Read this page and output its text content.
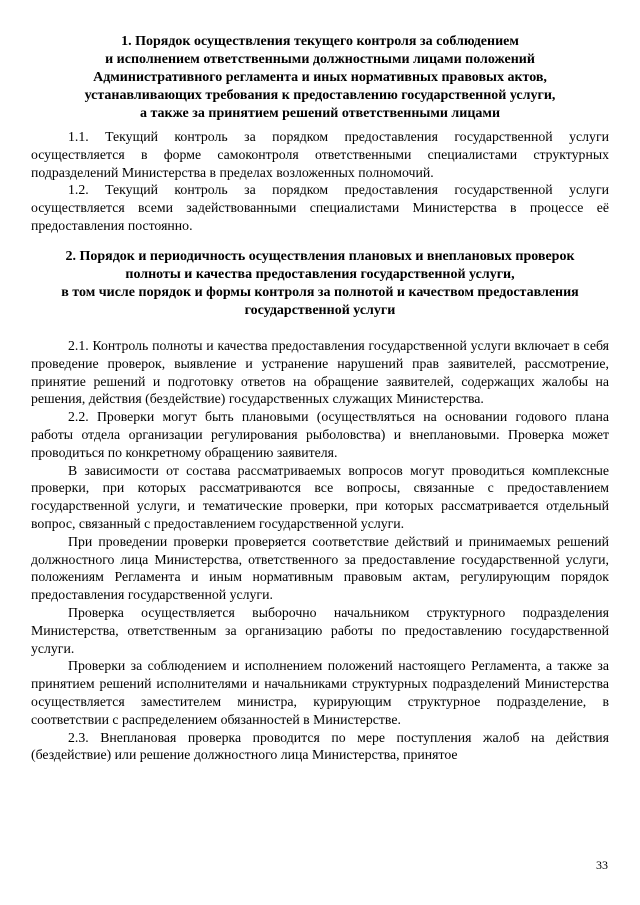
1. Порядок осуществления текущего контроля за соблюдением
и исполнением ответственными должностными лицами положений
Административного регламента и иных нормативных правовых актов,
устанавливающих требования к предоставлению государственной услуги,
а также за принятием решений ответственными лицами

1.1. Текущий контроль за порядком предоставления государственной услуги осуществляется в форме самоконтроля ответственными специалистами структурных подразделений Министерства в пределах возложенных полномочий.

1.2. Текущий контроль за порядком предоставления государственной услуги осуществляется всеми задействованными специалистами Министерства в процессе её предоставления постоянно.

2. Порядок и периодичность осуществления плановых и внеплановых проверок
полноты и качества предоставления государственной услуги,
в том числе порядок и формы контроля за полнотой и качеством предоставления
государственной услуги

2.1. Контроль полноты и качества предоставления государственной услуги включает в себя проведение проверок, выявление и устранение нарушений прав заявителей, рассмотрение, принятие решений и подготовку ответов на обращение заявителей, содержащих жалобы на решения, действия (бездействие) государственных служащих Министерства.

2.2. Проверки могут быть плановыми (осуществляться на основании годового плана работы отдела организации регулирования рыболовства) и внеплановыми. Проверка может проводиться по конкретному обращению заявителя.

В зависимости от состава рассматриваемых вопросов могут проводиться комплексные проверки, при которых рассматриваются все вопросы, связанные с предоставлением государственной услуги, и тематические проверки, при которых рассматривается отдельный вопрос, связанный с предоставлением государственной услуги.

При проведении проверки проверяется соответствие действий и принимаемых решений должностного лица Министерства, ответственного за предоставление государственной услуги, положениям Регламента и иным нормативным правовым актам, регулирующим порядок предоставления государственной услуги.

Проверка осуществляется выборочно начальником структурного подразделения Министерства, ответственным за организацию работы по предоставлению государственной услуги.

Проверки за соблюдением и исполнением положений настоящего Регламента, а также за принятием решений исполнителями и начальниками структурных подразделений Министерства осуществляется заместителем министра, курирующим структурное подразделение, в соответствии с распределением обязанностей в Министерстве.

2.3. Внеплановая проверка проводится по мере поступления жалоб на действия (бездействие) или решение должностного лица Министерства, принятое

33
